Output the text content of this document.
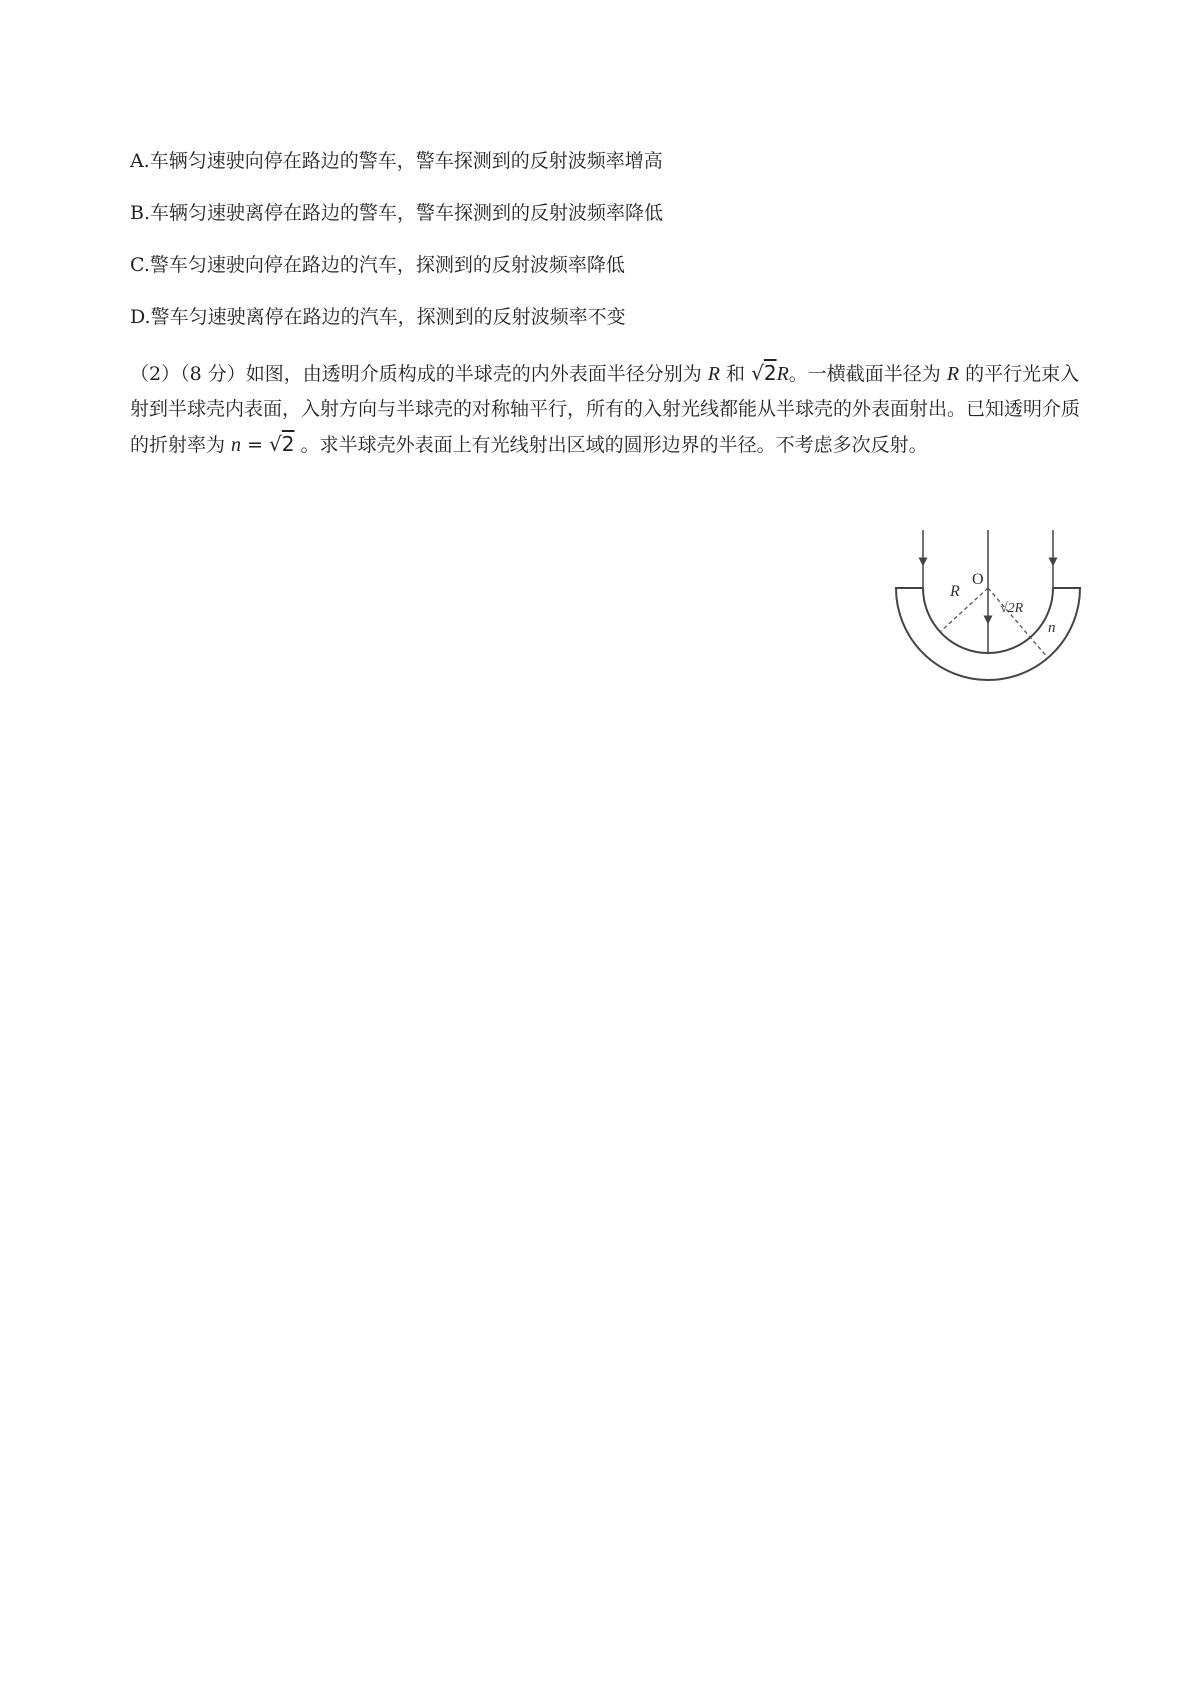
A.车辆匀速驶向停在路边的警车，警车探测到的反射波频率增高
B.车辆匀速驶离停在路边的警车，警车探测到的反射波频率降低
C.警车匀速驶向停在路边的汽车，探测到的反射波频率降低
D.警车匀速驶离停在路边的汽车，探测到的反射波频率不变
（2）（8 分）如图，由透明介质构成的半球壳的内外表面半径分别为 R 和 √2R。一横截面半径为 R 的平行光束入射到半球壳内表面，入射方向与半球壳的对称轴平行，所有的入射光线都能从半球壳的外表面射出。已知透明介质的折射率为 n = √2 。求半球壳外表面上有光线射出区域的圆形边界的半径。不考虑多次反射。
R
O
√2R
n
